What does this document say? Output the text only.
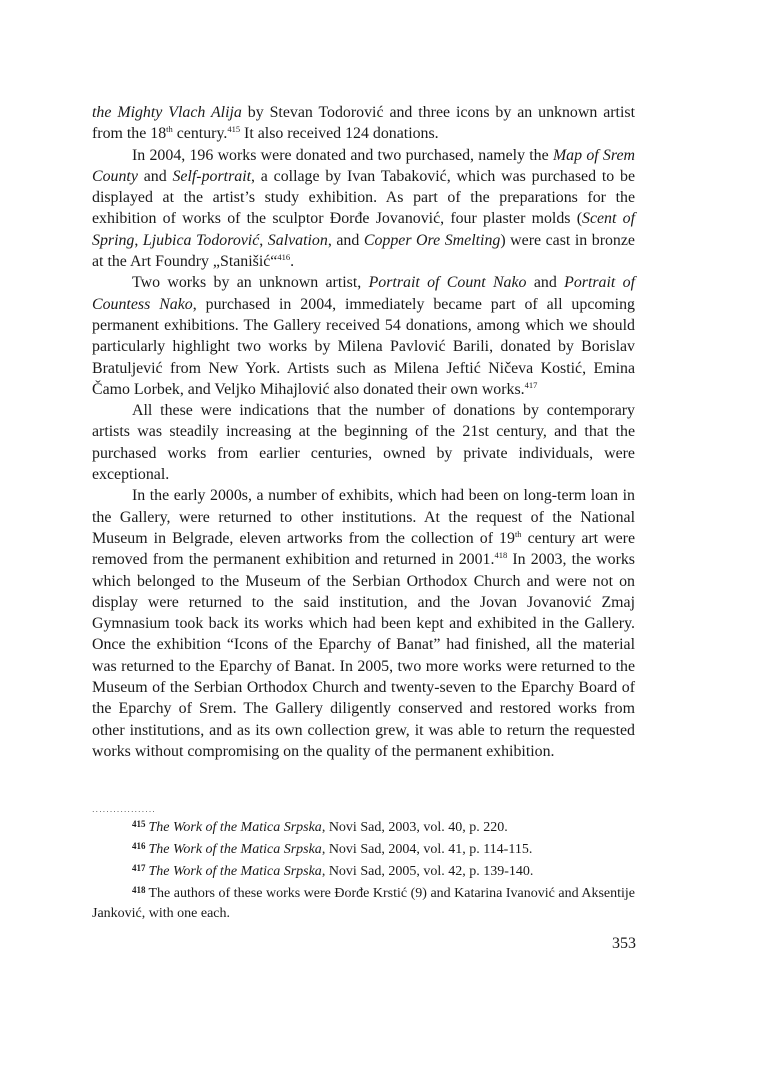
the Mighty Vlach Alija by Stevan Todorović and three icons by an unknown artist from the 18th century.$^{415}$ It also received 124 donations.

In 2004, 196 works were donated and two purchased, namely the Map of Srem County and Self-portrait, a collage by Ivan Tabaković, which was purchased to be displayed at the artist’s study exhibition. As part of the preparations for the exhibition of works of the sculptor Đorđe Jovanović, four plaster molds (Scent of Spring, Ljubica Todorović, Salvation, and Copper Ore Smelting) were cast in bronze at the Art Foundry „Stanišić“$^{416}$.

Two works by an unknown artist, Portrait of Count Nako and Portrait of Countess Nako, purchased in 2004, immediately became part of all upcoming permanent exhibitions. The Gallery received 54 donations, among which we should particularly highlight two works by Milena Pavlović Barili, donated by Borislav Bratuljević from New York. Artists such as Milena Jeftić Ničeva Kostić, Emina Čamo Lorbek, and Veljko Mihajlović also donated their own works.$^{417}$

All these were indications that the number of donations by contemporary artists was steadily increasing at the beginning of the 21st century, and that the purchased works from earlier centuries, owned by private individuals, were exceptional.

In the early 2000s, a number of exhibits, which had been on long-term loan in the Gallery, were returned to other institutions. At the request of the National Museum in Belgrade, eleven artworks from the collection of 19th century art were removed from the permanent exhibition and returned in 2001.$^{418}$ In 2003, the works which belonged to the Museum of the Serbian Orthodox Church and were not on display were returned to the said institution, and the Jovan Jovanović Zmaj Gymnasium took back its works which had been kept and exhibited in the Gallery. Once the exhibition “Icons of the Eparchy of Banat” had finished, all the material was returned to the Eparchy of Banat. In 2005, two more works were returned to the Museum of the Serbian Orthodox Church and twenty-seven to the Eparchy Board of the Eparchy of Srem. The Gallery diligently conserved and restored works from other institutions, and as its own collection grew, it was able to return the requested works without compromising on the quality of the permanent exhibition.

..................

$^{415}$ The Work of the Matica Srpska, Novi Sad, 2003, vol. 40, p. 220.

$^{416}$ The Work of the Matica Srpska, Novi Sad, 2004, vol. 41, p. 114-115.

$^{417}$ The Work of the Matica Srpska, Novi Sad, 2005, vol. 42, p. 139-140.

$^{418}$ The authors of these works were Đorđe Krstić (9) and Katarina Ivanović and Aksentije Janković, with one each.

353
